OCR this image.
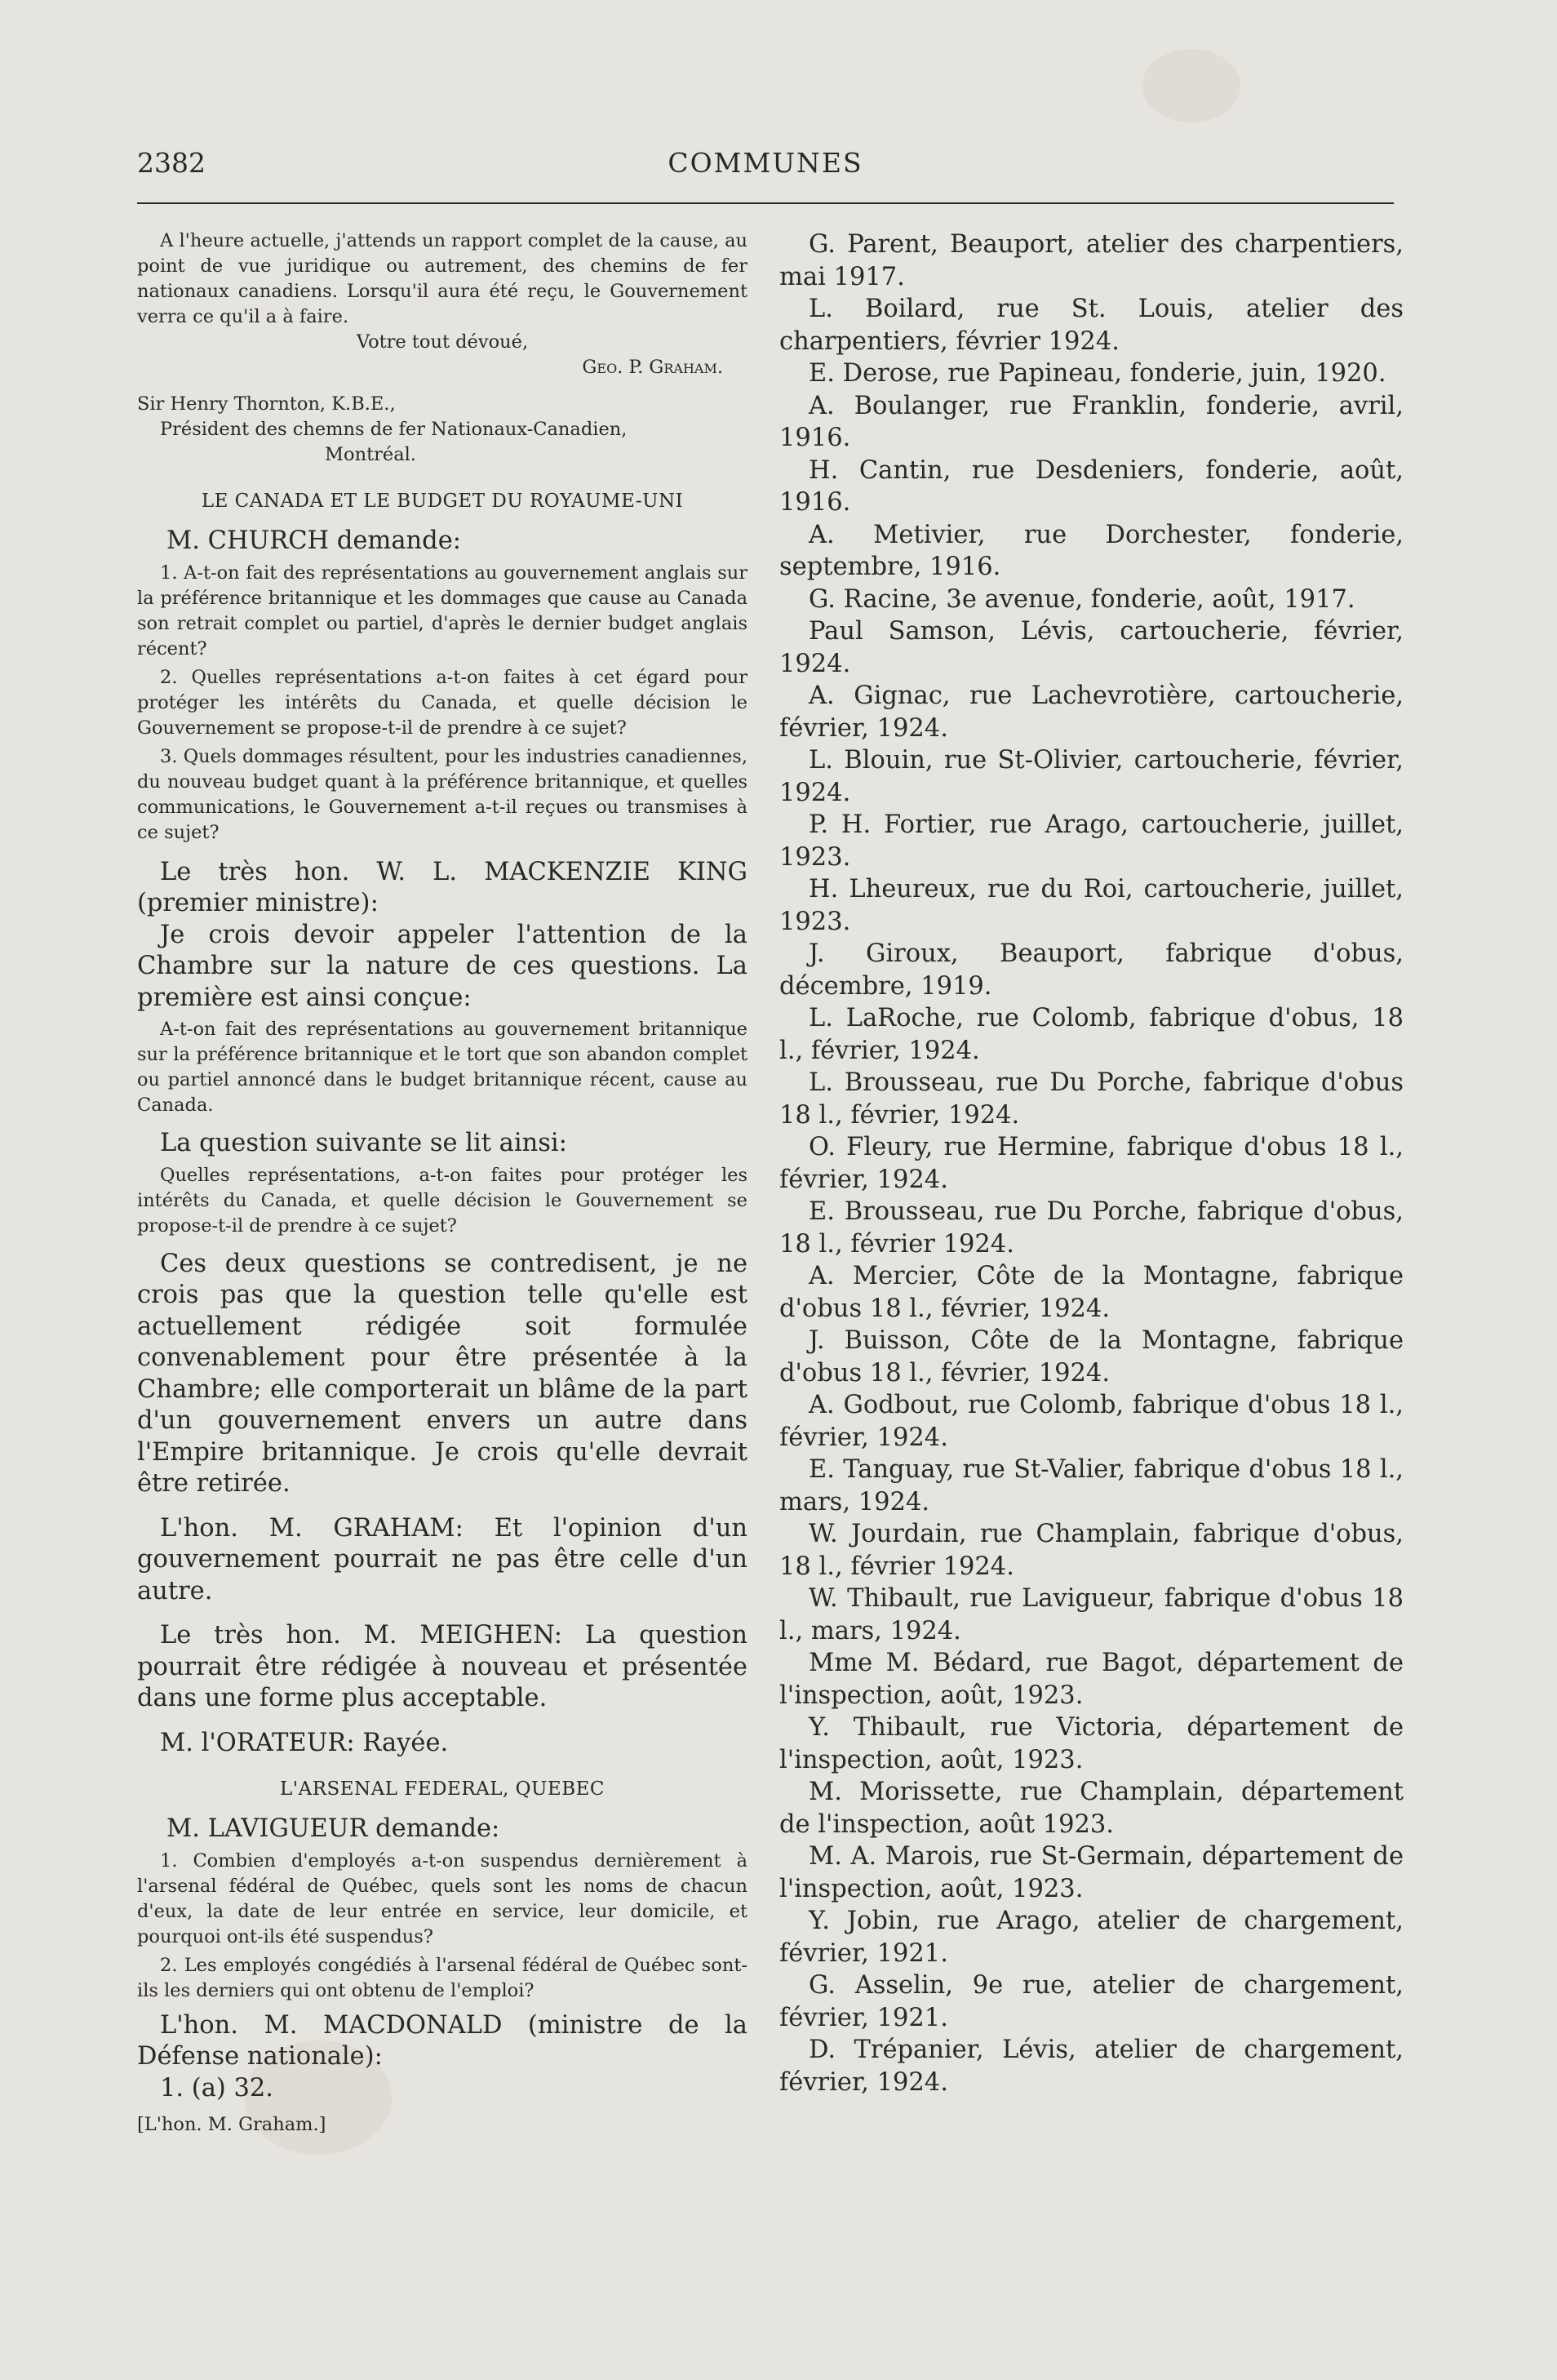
2382	COMMUNES

A l'heure actuelle, j'attends un rapport complet de la cause, au point de vue juridique ou autrement, des chemins de fer nationaux canadiens. Lorsqu'il aura été reçu, le Gouvernement verra ce qu'il a à faire.

Votre tout dévoué,

Geo. P. Graham.

Sir Henry Thornton, K.B.E.,

Président des chemns de fer Nationaux-Canadien,

Montréal.

LE CANADA ET LE BUDGET DU ROYAUME-UNI

M. CHURCH demande:

1. A-t-on fait des représentations au gouvernement anglais sur la préférence britannique et les dommages que cause au Canada son retrait complet ou partiel, d'après le dernier budget anglais récent?

2. Quelles représentations a-t-on faites à cet égard pour protéger les intérêts du Canada, et quelle décision le Gouvernement se propose-t-il de prendre à ce sujet?

3. Quels dommages résultent, pour les industries canadiennes, du nouveau budget quant à la préférence britannique, et quelles communications, le Gouvernement a-t-il reçues ou transmises à ce sujet?

Le très hon. W. L. MACKENZIE KING (premier ministre):

Je crois devoir appeler l'attention de la Chambre sur la nature de ces questions. La première est ainsi conçue:

A-t-on fait des représentations au gouvernement britannique sur la préférence britannique et le tort que son abandon complet ou partiel annoncé dans le budget britannique récent, cause au Canada.

La question suivante se lit ainsi:

Quelles représentations, a-t-on faites pour protéger les intérêts du Canada, et quelle décision le Gouvernement se propose-t-il de prendre à ce sujet?

Ces deux questions se contredisent, je ne crois pas que la question telle qu'elle est actuellement rédigée soit formulée convenablement pour être présentée à la Chambre; elle comporterait un blâme de la part d'un gouvernement envers un autre dans l'Empire britannique. Je crois qu'elle devrait être retirée.

L'hon. M. GRAHAM: Et l'opinion d'un gouvernement pourrait ne pas être celle d'un autre.

Le très hon. M. MEIGHEN: La question pourrait être rédigée à nouveau et présentée dans une forme plus acceptable.

M. l'ORATEUR: Rayée.

L'ARSENAL FEDERAL, QUEBEC

M. LAVIGUEUR demande:

1. Combien d'employés a-t-on suspendus dernièrement à l'arsenal fédéral de Québec, quels sont les noms de chacun d'eux, la date de leur entrée en service, leur domicile, et pourquoi ont-ils été suspendus?

2. Les employés congédiés à l'arsenal fédéral de Québec sont-ils les derniers qui ont obtenu de l'emploi?

L'hon. M. MACDONALD (ministre de la Défense nationale):

1. (a) 32.

[L'hon. M. Graham.]

G. Parent, Beauport, atelier des charpentiers, mai 1917.
L. Boilard, rue St. Louis, atelier des charpentiers, février 1924.
E. Derose, rue Papineau, fonderie, juin, 1920.
A. Boulanger, rue Franklin, fonderie, avril, 1916.
H. Cantin, rue Desdeniers, fonderie, août, 1916.
A. Metivier, rue Dorchester, fonderie, septembre, 1916.
G. Racine, 3e avenue, fonderie, août, 1917.
Paul Samson, Lévis, cartoucherie, février, 1924.
A. Gignac, rue Lachevrotière, cartoucherie, février, 1924.
L. Blouin, rue St-Olivier, cartoucherie, février, 1924.
P. H. Fortier, rue Arago, cartoucherie, juillet, 1923.
H. Lheureux, rue du Roi, cartoucherie, juillet, 1923.
J. Giroux, Beauport, fabrique d'obus, décembre, 1919.
L. LaRoche, rue Colomb, fabrique d'obus, 18 l., février, 1924.
L. Brousseau, rue Du Porche, fabrique d'obus 18 l., février, 1924.
O. Fleury, rue Hermine, fabrique d'obus 18 l., février, 1924.
E. Brousseau, rue Du Porche, fabrique d'obus, 18 l., février 1924.
A. Mercier, Côte de la Montagne, fabrique d'obus 18 l., février, 1924.
J. Buisson, Côte de la Montagne, fabrique d'obus 18 l., février, 1924.
A. Godbout, rue Colomb, fabrique d'obus 18 l., février, 1924.
E. Tanguay, rue St-Valier, fabrique d'obus 18 l., mars, 1924.
W. Jourdain, rue Champlain, fabrique d'obus, 18 l., février 1924.
W. Thibault, rue Lavigueur, fabrique d'obus 18 l., mars, 1924.
Mme M. Bédard, rue Bagot, département de l'inspection, août, 1923.
Y. Thibault, rue Victoria, département de l'inspection, août, 1923.
M. Morissette, rue Champlain, département de l'inspection, août 1923.
M. A. Marois, rue St-Germain, département de l'inspection, août, 1923.
Y. Jobin, rue Arago, atelier de chargement, février, 1921.
G. Asselin, 9e rue, atelier de chargement, février, 1921.
D. Trépanier, Lévis, atelier de chargement, février, 1924.
